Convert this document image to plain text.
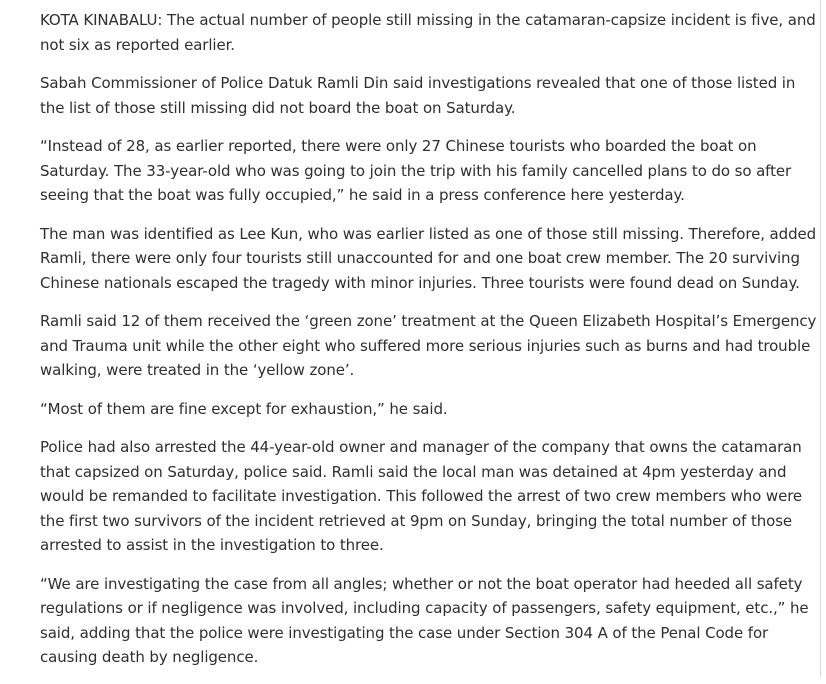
KOTA KINABALU: The actual number of people still missing in the catamaran-capsize incident is five, and not six as reported earlier.

Sabah Commissioner of Police Datuk Ramli Din said investigations revealed that one of those listed in the list of those still missing did not board the boat on Saturday.

“Instead of 28, as earlier reported, there were only 27 Chinese tourists who boarded the boat on Saturday. The 33-year-old who was going to join the trip with his family cancelled plans to do so after seeing that the boat was fully occupied,” he said in a press conference here yesterday.

The man was identified as Lee Kun, who was earlier listed as one of those still missing. Therefore, added Ramli, there were only four tourists still unaccounted for and one boat crew member. The 20 surviving Chinese nationals escaped the tragedy with minor injuries. Three tourists were found dead on Sunday.

Ramli said 12 of them received the ‘green zone’ treatment at the Queen Elizabeth Hospital’s Emergency and Trauma unit while the other eight who suffered more serious injuries such as burns and had trouble walking, were treated in the ‘yellow zone’.

“Most of them are fine except for exhaustion,” he said.

Police had also arrested the 44-year-old owner and manager of the company that owns the catamaran that capsized on Saturday, police said. Ramli said the local man was detained at 4pm yesterday and would be remanded to facilitate investigation. This followed the arrest of two crew members who were the first two survivors of the incident retrieved at 9pm on Sunday, bringing the total number of those arrested to assist in the investigation to three.

“We are investigating the case from all angles; whether or not the boat operator had heeded all safety regulations or if negligence was involved, including capacity of passengers, safety equipment, etc.,” he said, adding that the police were investigating the case under Section 304 A of the Penal Code for causing death by negligence.
